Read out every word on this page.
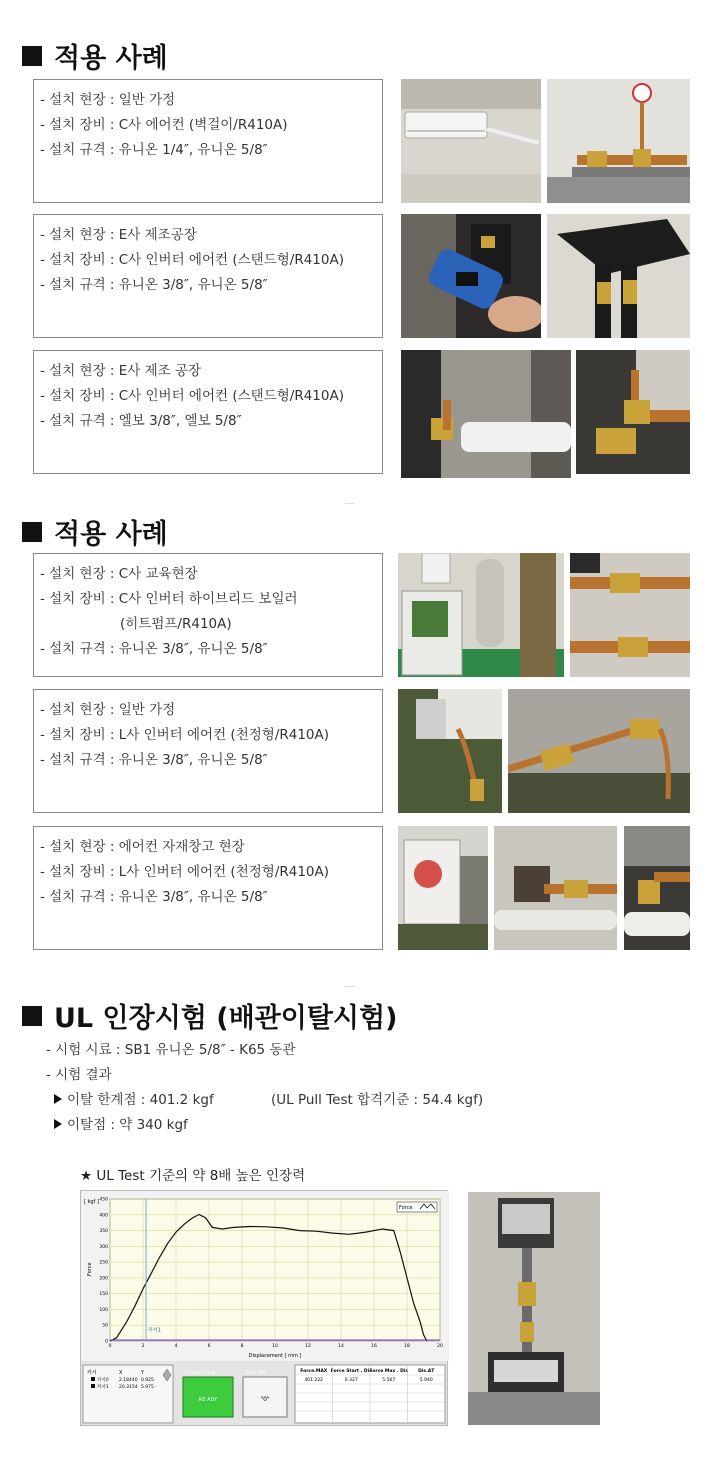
적용 사례
- 설치 현장 : 일반 가정
- 설치 장비 : C사 에어컨 (벽걸이/R410A)
- 설치 규격 : 유니온 1/4″, 유니온 5/8″
- 설치 현장 : E사 제조공장
- 설치 장비 : C사 인버터 에어컨 (스탠드형/R410A)
- 설치 규격 : 유니온 3/8″, 유니온 5/8″
- 설치 현장 : E사 제조 공장
- 설치 장비 : C사 인버터 에어컨 (스탠드형/R410A)
- 설치 규격 : 엘보 3/8″, 엘보 5/8″
적용 사례
- 설치 현장 : C사 교육현장
- 설치 장비 : C사 인버터 하이브리드 보일러
(히트펌프/R410A)
- 설치 규격 : 유니온 3/8″, 유니온 5/8″
- 설치 현장 : 일반 가정
- 설치 장비 : L사 인버터 에어컨 (천정형/R410A)
- 설치 규격 : 유니온 3/8″, 유니온 5/8″
- 설치 현장 : 에어컨 자재창고 현장
- 설치 장비 : L사 인버터 에어컨 (천정형/R410A)
- 설치 규격 : 유니온 3/8″, 유니온 5/8″
UL 인장시험 (배관이탈시험)
- 시험 시료 : SB1 유니온 5/8″ - K65 동관
- 시험 결과
이탈 한계점 : 401.2 kgf	(UL Pull Test 합격기준 : 54.4 kgf)
이탈점 : 약 340 kgf
★ UL Test 기준의 약 8배 높은 인장력
0
50
100
150
200
250
300
350
400
450
0	2	4	6	8	10	12	14	16	18	20
커서1
[ kgf ]
Force
Displacement [ mm ]
Force
커서	X	Y
커서0 2.18440 0.925
커서1 20.3154 5.975
Digital Input
RE ADY
Zero Set
"0"
Force.MAX
401.222
Force Start . Dis
0.327
Force Max . Dis
5.567
Dis.ΔT
5.940
